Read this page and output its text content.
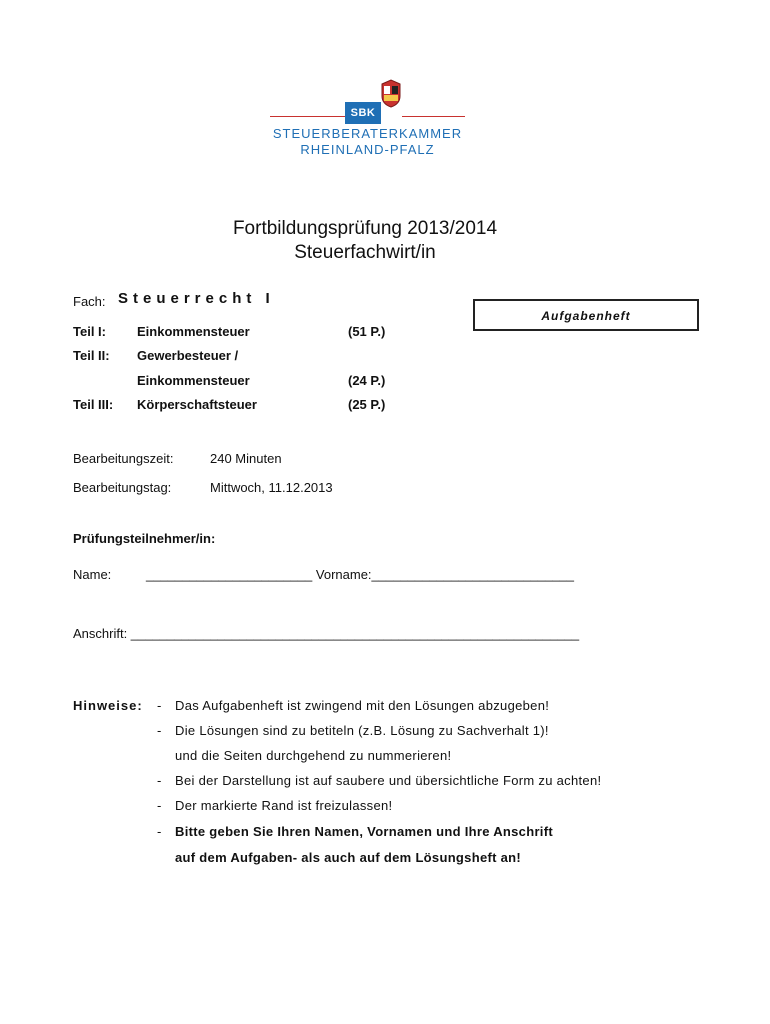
SBK
STEUERBERATERKAMMER
RHEINLAND-PFALZ
Fortbildungsprüfung 2013/2014
Steuerfachwirt/in
Fach: Steuerrecht I
Aufgabenheft
Teil I: Einkommensteuer	(51 P.)
Teil II: Gewerbesteuer /
Einkommensteuer	(24 P.)
Teil III: Körperschaftsteuer	(25 P.)
Bearbeitungszeit:	240 Minuten
Bearbeitungstag:	Mittwoch, 11.12.2013
Prüfungsteilnehmer/in:
Name:	_______________________ Vorname:____________________________
Anschrift: ______________________________________________________________
Hinweise: - Das Aufgabenheft ist zwingend mit den Lösungen abzugeben!
- Die Lösungen sind zu betiteln (z.B. Lösung zu Sachverhalt 1)!
und die Seiten durchgehend zu nummerieren!
- Bei der Darstellung ist auf saubere und übersichtliche Form zu achten!
- Der markierte Rand ist freizulassen!
- Bitte geben Sie Ihren Namen, Vornamen und Ihre Anschrift
auf dem Aufgaben- als auch auf dem Lösungsheft an!
